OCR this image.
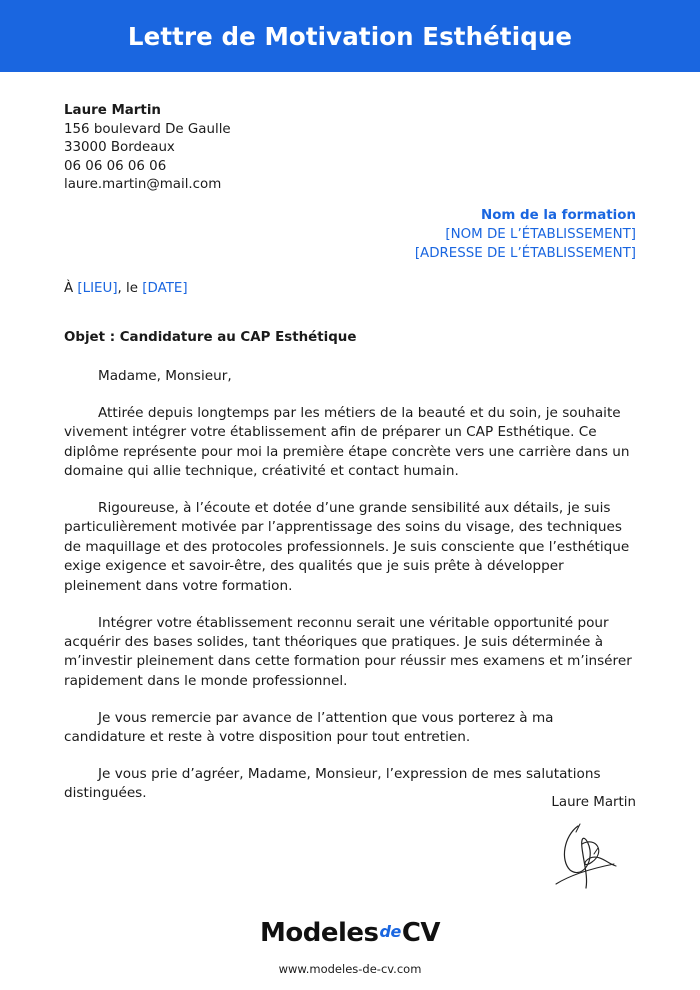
Lettre de Motivation Esthétique
Laure Martin
156 boulevard De Gaulle
33000 Bordeaux
06 06 06 06 06
laure.martin@mail.com
Nom de la formation
[NOM DE L’ÉTABLISSEMENT]
[ADRESSE DE L’ÉTABLISSEMENT]
À [LIEU], le [DATE]
Objet : Candidature au CAP Esthétique

Madame, Monsieur,

Attirée depuis longtemps par les métiers de la beauté et du soin, je souhaite vivement intégrer votre établissement afin de préparer un CAP Esthétique. Ce diplôme représente pour moi la première étape concrète vers une carrière dans un domaine qui allie technique, créativité et contact humain.

Rigoureuse, à l’écoute et dotée d’une grande sensibilité aux détails, je suis particulièrement motivée par l’apprentissage des soins du visage, des techniques de maquillage et des protocoles professionnels. Je suis consciente que l’esthétique exige exigence et savoir-être, des qualités que je suis prête à développer pleinement dans votre formation.

Intégrer votre établissement reconnu serait une véritable opportunité pour acquérir des bases solides, tant théoriques que pratiques. Je suis déterminée à m’investir pleinement dans cette formation pour réussir mes examens et m’insérer rapidement dans le monde professionnel.

Je vous remercie par avance de l’attention que vous porterez à ma candidature et reste à votre disposition pour tout entretien.

Je vous prie d’agréer, Madame, Monsieur, l’expression de mes salutations distinguées.

Laure Martin
ModelesdeCV
www.modeles-de-cv.com
